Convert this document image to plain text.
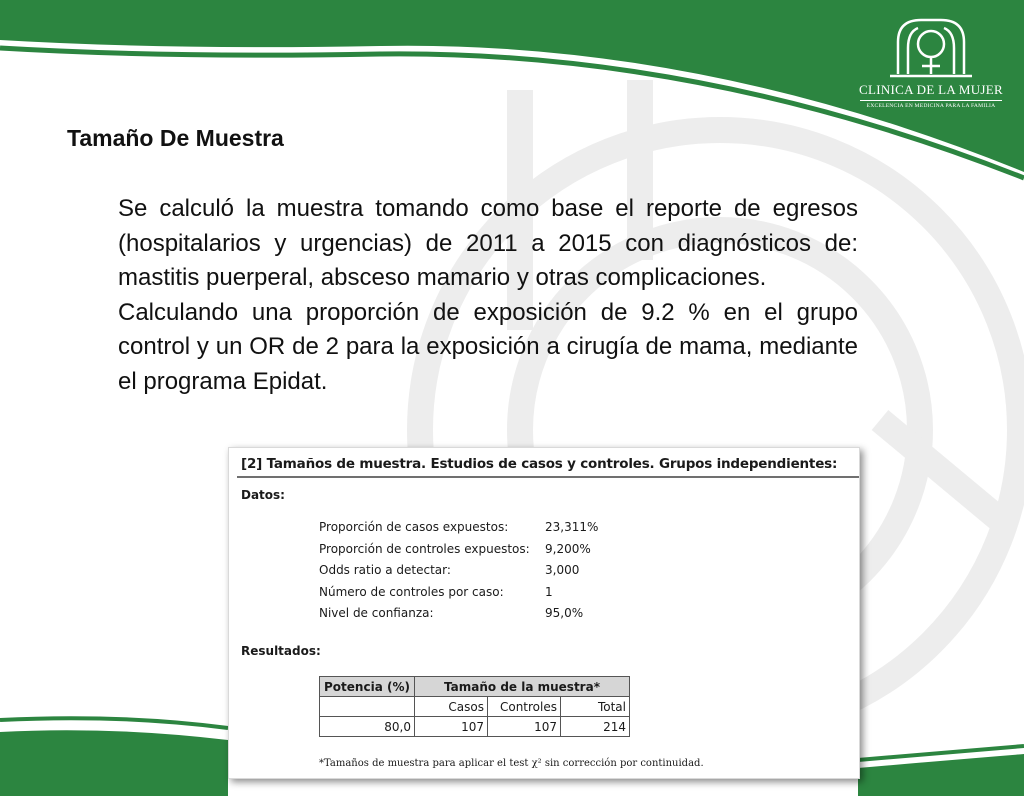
CLINICA DE LA MUJER
EXCELENCIA EN MEDICINA PARA LA FAMILIA
Tamaño De Muestra

Se calculó la muestra tomando como base el reporte de egresos (hospitalarios y urgencias) de 2011 a 2015 con diagnósticos de: mastitis puerperal, absceso mamario y otras complicaciones.

Calculando una proporción de exposición de 9.2 % en el grupo control y un OR de 2 para la exposición a cirugía de mama, mediante el programa Epidat.

[2] Tamaños de muestra. Estudios de casos y controles. Grupos independientes:
Datos:
Proporción de casos expuestos:	23,311%
Proporción de controles expuestos: 9,200%
Odds ratio a detectar:	3,000
Número de controles por caso:	1
Nivel de confianza:	95,0%
Resultados:
Potencia (%)	Tamaño de la muestra*		
	Casos	Controles	Total
80,0	107	107	214
*Tamaños de muestra para aplicar el test χ² sin corrección por continuidad.
